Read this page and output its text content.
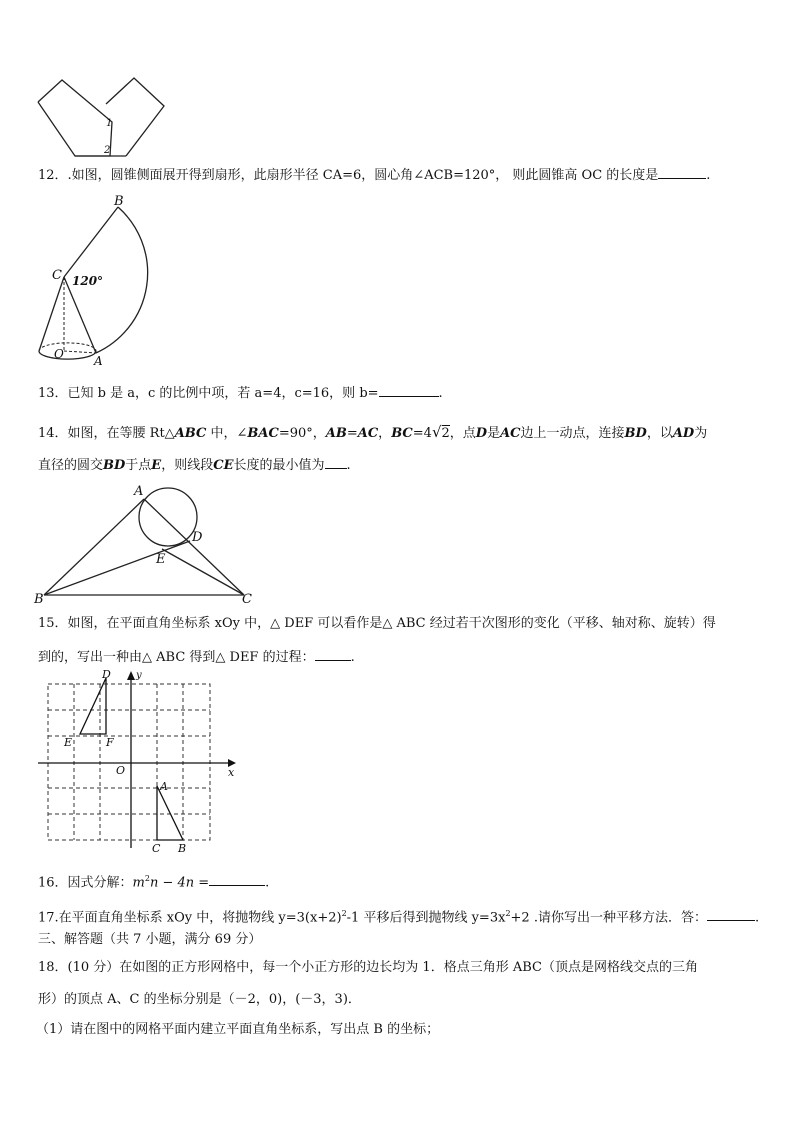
1
2
12．.如图，圆锥侧面展开得到扇形，此扇形半径 CA=6，圆心角∠ACB=120°， 则此圆锥高 OC 的长度是	.
B
C 120°
O	A
13．已知 b 是 a，c 的比例中项，若 a=4，c=16，则 b=	.
14．如图，在等腰 Rt△ABC 中，∠BAC=90°，AB=AC，BC=4√2，点D是AC边上一动点，连接BD，以AD为
直径的圆交BD于点E，则线段CE长度的最小值为 .
A
B	C
D
E
15．如图，在平面直角坐标系 xOy 中，△ DEF 可以看作是△ ABC 经过若干次图形的变化（平移、轴对称、旋转）得
到的，写出一种由△ ABC 得到△ DEF 的过程：	.
D	y
E	F
O	x
A
C B
16．因式分解：$m^2n - 4n$ =	.
17.在平面直角坐标系 xOy 中，将抛物线 $y=3(x+2)^2-1$ 平移后得到抛物线 $y=3x^2+2$ .请你写出一种平移方法．答：	.
三、解答题（共 7 小题，满分 69 分）
18．(10 分）在如图的正方形网格中，每一个小正方形的边长均为 1．格点三角形 ABC（顶点是网格线交点的三角
形）的顶点 A、C 的坐标分别是（－2，0)，(－3，3)．
（1）请在图中的网格平面内建立平面直角坐标系，写出点 B 的坐标；
